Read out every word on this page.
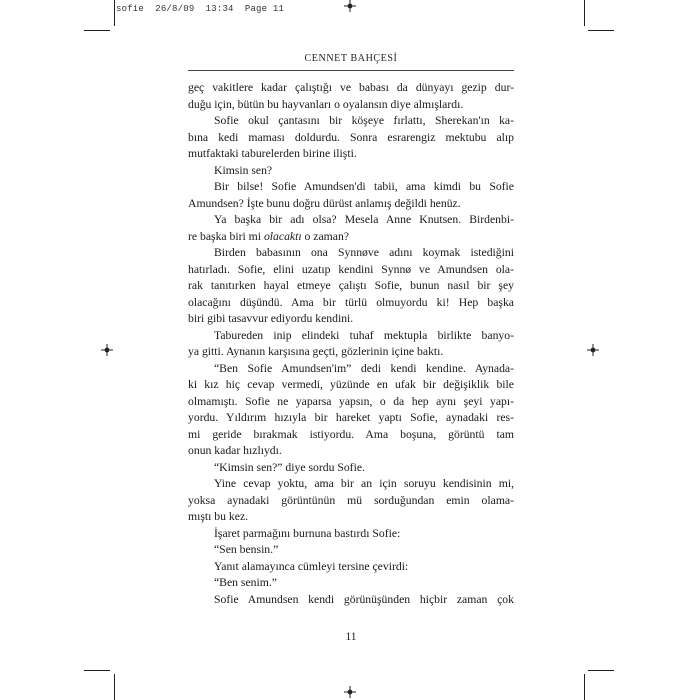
sofie 26/8/09 13:34 Page 11
CENNET BAHÇESİ
geç vakitlere kadar çalıştığı ve babası da dünyayı gezip dur-
duğu için, bütün bu hayvanları o oyalansın diye almışlardı.
Sofie okul çantasını bir köşeye fırlattı, Sherekan'ın ka-
bına kedi maması doldurdu. Sonra esrarengiz mektubu alıp
mutfaktaki taburelerden birine ilişti.
Kimsin sen?
Bir bilse! Sofie Amundsen'di tabii, ama kimdi bu Sofie
Amundsen? İşte bunu doğru dürüst anlamış değildi henüz.
Ya başka bir adı olsa? Mesela Anne Knutsen. Birdenbi-
re başka biri mi olacaktı o zaman?
Birden babasının ona Synnøve adını koymak istediğini
hatırladı. Sofie, elini uzatıp kendini Synnø ve Amundsen ola-
rak tanıtırken hayal etmeye çalıştı Sofie, bunun nasıl bir şey
olacağını düşündü. Ama bir türlü olmuyordu ki! Hep başka
biri gibi tasavvur ediyordu kendini.
Tabureden inip elindeki tuhaf mektupla birlikte banyo-
ya gitti. Aynanın karşısına geçti, gözlerinin içine baktı.
“Ben Sofie Amundsen'im” dedi kendi kendine. Aynada-
ki kız hiç cevap vermedi, yüzünde en ufak bir değişiklik bile
olmamıştı. Sofie ne yaparsa yapsın, o da hep aynı şeyi yapı-
yordu. Yıldırım hızıyla bir hareket yaptı Sofie, aynadaki res-
mi geride bırakmak istiyordu. Ama boşuna, görüntü tam
onun kadar hızlıydı.
“Kimsin sen?” diye sordu Sofie.
Yine cevap yoktu, ama bir an için soruyu kendisinin mi,
yoksa aynadaki görüntünün mü sorduğundan emin olama-
mıştı bu kez.
İşaret parmağını burnuna bastırdı Sofie:
“Sen bensin.”
Yanıt alamayınca cümleyi tersine çevirdi:
“Ben senim.”
Sofie Amundsen kendi görünüşünden hiçbir zaman çok
11
